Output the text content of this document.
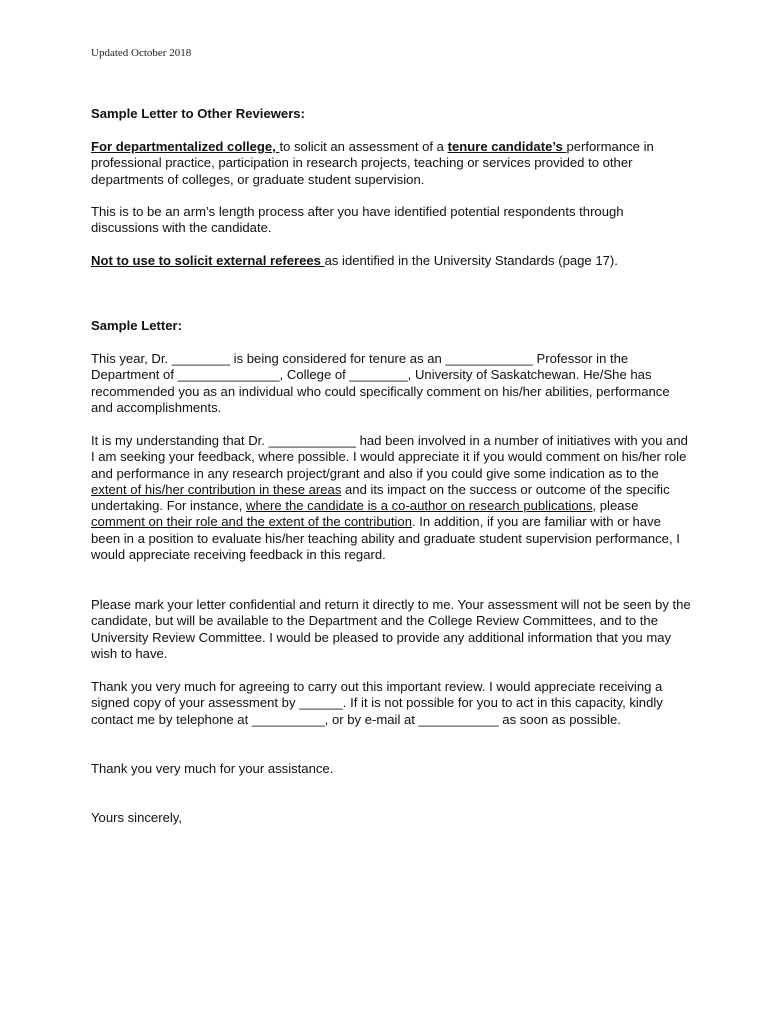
Updated October 2018

Sample Letter to Other Reviewers:

For departmentalized college, to solicit an assessment of a tenure candidate’s performance in professional practice, participation in research projects, teaching or services provided to other departments of colleges, or graduate student supervision.

This is to be an arm’s length process after you have identified potential respondents through discussions with the candidate.

Not to use to solicit external referees as identified in the University Standards (page 17).

Sample Letter:

This year, Dr. ________ is being considered for tenure as an ____________ Professor in the Department of ______________, College of ________, University of Saskatchewan. He/She has recommended you as an individual who could specifically comment on his/her abilities, performance and accomplishments.

It is my understanding that Dr. ____________ had been involved in a number of initiatives with you and I am seeking your feedback, where possible. I would appreciate it if you would comment on his/her role and performance in any research project/grant and also if you could give some indication as to the extent of his/her contribution in these areas and its impact on the success or outcome of the specific undertaking. For instance, where the candidate is a co-author on research publications, please comment on their role and the extent of the contribution. In addition, if you are familiar with or have been in a position to evaluate his/her teaching ability and graduate student supervision performance, I would appreciate receiving feedback in this regard.

Please mark your letter confidential and return it directly to me. Your assessment will not be seen by the candidate, but will be available to the Department and the College Review Committees, and to the University Review Committee. I would be pleased to provide any additional information that you may wish to have.

Thank you very much for agreeing to carry out this important review. I would appreciate receiving a signed copy of your assessment by ______. If it is not possible for you to act in this capacity, kindly contact me by telephone at __________, or by e-mail at ___________ as soon as possible.

Thank you very much for your assistance.

Yours sincerely,
